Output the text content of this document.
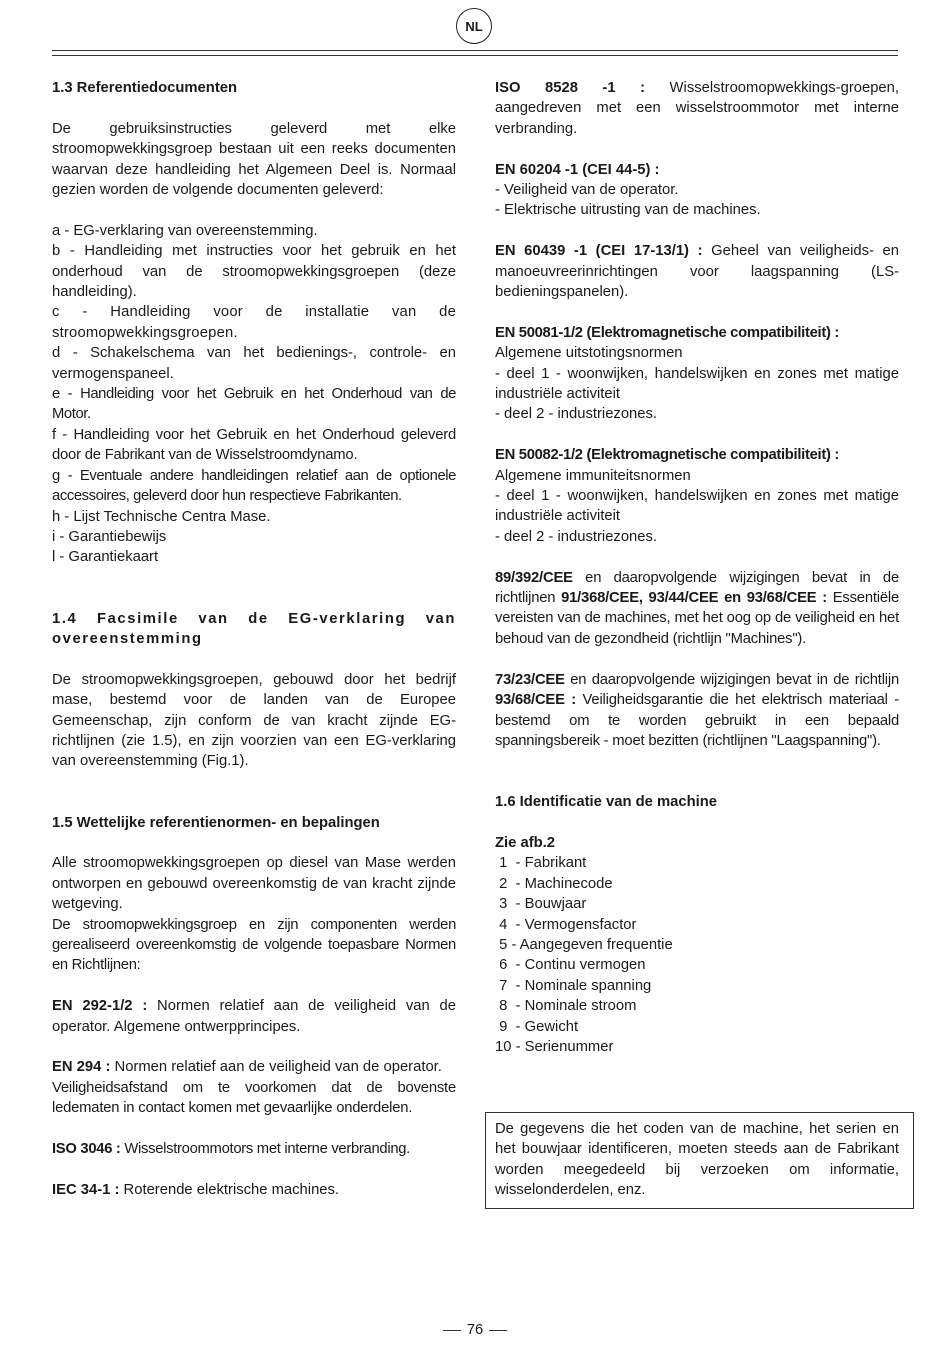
NL

1.3 Referentiedocumenten

De gebruiksinstructies geleverd met elke stroomopwekkingsgroep bestaan uit een reeks documenten waarvan deze handleiding het Algemeen Deel is. Normaal gezien worden de volgende documenten geleverd:

a - EG-verklaring van overeenstemming.

b - Handleiding met instructies voor het gebruik en het onderhoud van de stroomopwekkingsgroepen (deze handleiding).

c - Handleiding voor de installatie van de stroomopwekkingsgroepen.

d - Schakelschema van het bedienings-, controle- en vermogenspaneel.

e - Handleiding voor het Gebruik en het Onderhoud van de Motor.

f - Handleiding voor het Gebruik en het Onderhoud geleverd door de Fabrikant van de Wisselstroomdynamo.

g - Eventuale andere handleidingen relatief aan de optionele accessoires, geleverd door hun respectieve Fabrikanten.

h - Lijst Technische Centra Mase.

i - Garantiebewijs

l - Garantiekaart

1.4 Facsimile van de EG-verklaring van overeenstemming

De stroomopwekkingsgroepen, gebouwd door het bedrijf mase, bestemd voor de landen van de Europee Gemeenschap, zijn conform de van kracht zijnde EG-richtlijnen (zie 1.5), en zijn voorzien van een EG-verklaring van overeenstemming (Fig.1).

1.5 Wettelijke referentienormen- en bepalingen

Alle stroomopwekkingsgroepen op diesel van Mase werden ontworpen en gebouwd overeenkomstig de van kracht zijnde wetgeving.

De stroomopwekkingsgroep en zijn componenten werden gerealiseerd overeenkomstig de volgende toepasbare Normen en Richtlijnen:

EN 292-1/2 : Normen relatief aan de veiligheid van de operator. Algemene ontwerpprincipes.

EN 294 : Normen relatief aan de veiligheid van de operator.

Veiligheidsafstand om te voorkomen dat de bovenste ledematen in contact komen met gevaarlijke onderdelen.

ISO 3046 : Wisselstroommotors met interne verbranding.

IEC 34-1 : Roterende elektrische machines.

ISO 8528 -1 : Wisselstroomopwekkings-groepen, aangedreven met een wisselstroommotor met interne verbranding.

EN 60204 -1 (CEI 44-5) :

- Veiligheid van de operator.

- Elektrische uitrusting van de machines.

EN 60439 -1 (CEI 17-13/1) : Geheel van veiligheids- en manoeuvreerinrichtingen voor laagspanning (LS-bedieningspanelen).

EN 50081-1/2 (Elektromagnetische compatibiliteit) :

Algemene uitstotingsnormen

- deel 1 - woonwijken, handelswijken en zones met matige industriële activiteit

- deel 2 - industriezones.

EN 50082-1/2 (Elektromagnetische compatibiliteit) :

Algemene immuniteitsnormen

- deel 1 - woonwijken, handelswijken en zones met matige industriële activiteit

- deel 2 - industriezones.

89/392/CEE en daaropvolgende wijzigingen bevat in de richtlijnen 91/368/CEE, 93/44/CEE en 93/68/CEE : Essentiële vereisten van de machines, met het oog op de veiligheid en het behoud van de gezondheid (richtlijn "Machines").

73/23/CEE en daaropvolgende wijzigingen bevat in de richtlijn 93/68/CEE : Veiligheidsgarantie die het elektrisch materiaal - bestemd om te worden gebruikt in een bepaald spanningsbereik - moet bezitten (richtlijnen "Laagspanning").

1.6 Identificatie van de machine

Zie afb.2

1  - Fabrikant

2  - Machinecode

3  - Bouwjaar

4  - Vermogensfactor

5 - Aangegeven frequentie

6  - Continu vermogen

7  - Nominale spanning

8  - Nominale stroom

9  - Gewicht

10 - Serienummer

De gegevens die het coden van de machine, het serien en het bouwjaar identificeren, moeten steeds aan de Fabrikant worden meegedeeld bij verzoeken om informatie, wisselonderdelen, enz.
76
